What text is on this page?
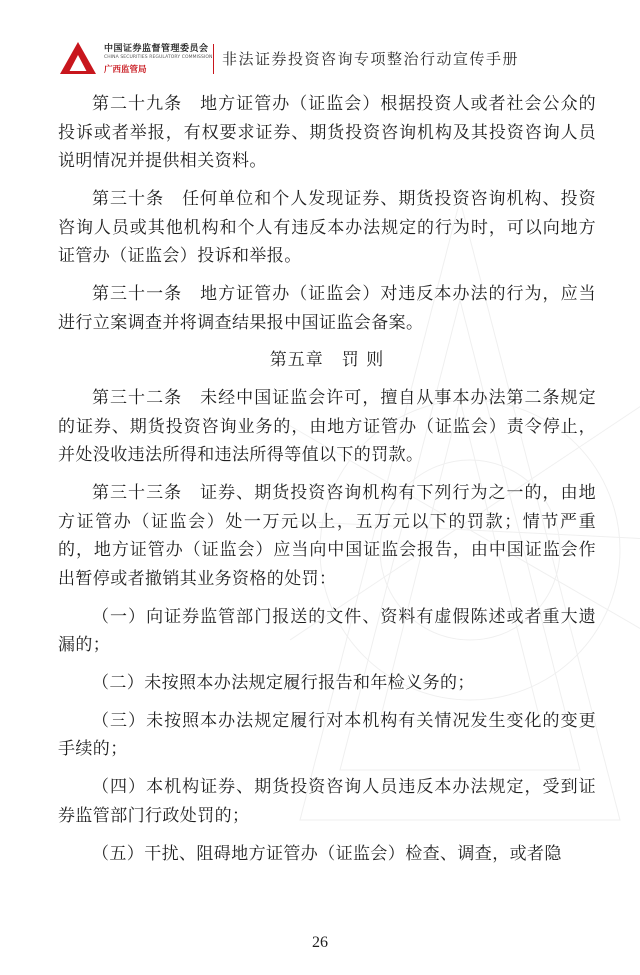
中国证券监督管理委员会
CHINA SECURITIES REGULATORY COMMISSION
广西监管局
非法证券投资咨询专项整治行动宣传手册

第二十九条　地方证管办（证监会）根据投资人或者社会公众的投诉或者举报，有权要求证券、期货投资咨询机构及其投资咨询人员说明情况并提供相关资料。

第三十条　任何单位和个人发现证券、期货投资咨询机构、投资咨询人员或其他机构和个人有违反本办法规定的行为时，可以向地方证管办（证监会）投诉和举报。

第三十一条　地方证管办（证监会）对违反本办法的行为，应当进行立案调查并将调查结果报中国证监会备案。

第五章　罚 则

第三十二条　未经中国证监会许可，擅自从事本办法第二条规定的证券、期货投资咨询业务的，由地方证管办（证监会）责令停止，并处没收违法所得和违法所得等值以下的罚款。

第三十三条　证券、期货投资咨询机构有下列行为之一的，由地方证管办（证监会）处一万元以上，五万元以下的罚款；情节严重的，地方证管办（证监会）应当向中国证监会报告，由中国证监会作出暂停或者撤销其业务资格的处罚：

（一）向证券监管部门报送的文件、资料有虚假陈述或者重大遗漏的；

（二）未按照本办法规定履行报告和年检义务的；

（三）未按照本办法规定履行对本机构有关情况发生变化的变更手续的；

（四）本机构证券、期货投资咨询人员违反本办法规定，受到证券监管部门行政处罚的；

（五）干扰、阻碍地方证管办（证监会）检查、调查，或者隐

26
